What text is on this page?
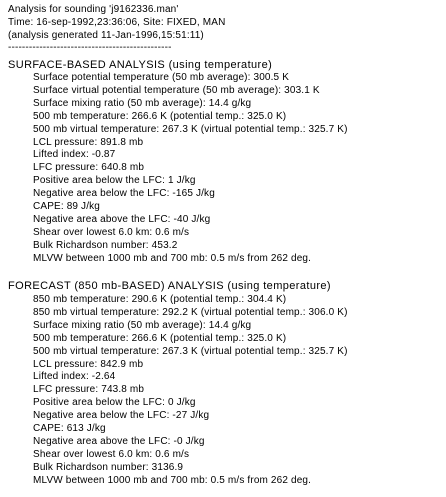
Analysis for sounding 'j9162336.man'
Time: 16-sep-1992,23:36:06, Site: FIXED, MAN
(analysis generated 11-Jan-1996,15:51:11)
-----------------------------------------------
SURFACE-BASED ANALYSIS (using temperature)
Surface potential temperature (50 mb average): 300.5 K
Surface virtual potential temperature (50 mb average): 303.1 K
Surface mixing ratio (50 mb average): 14.4 g/kg
500 mb temperature: 266.6 K (potential temp.: 325.0 K)
500 mb virtual temperature: 267.3 K (virtual potential temp.: 325.7 K)
LCL pressure: 891.8 mb
Lifted index: -0.87
LFC pressure: 640.8 mb
Positive area below the LFC: 1 J/kg
Negative area below the LFC: -165 J/kg
CAPE: 89 J/kg
Negative area above the LFC: -40 J/kg
Shear over lowest 6.0 km: 0.6 m/s
Bulk Richardson number: 453.2
MLVW between 1000 mb and 700 mb: 0.5 m/s from 262 deg.
FORECAST (850 mb-BASED) ANALYSIS (using temperature)
850 mb temperature: 290.6 K (potential temp.: 304.4 K)
850 mb virtual temperature: 292.2 K (virtual potential temp.: 306.0 K)
Surface mixing ratio (50 mb average): 14.4 g/kg
500 mb temperature: 266.6 K (potential temp.: 325.0 K)
500 mb virtual temperature: 267.3 K (virtual potential temp.: 325.7 K)
LCL pressure: 842.9 mb
Lifted index: -2.64
LFC pressure: 743.8 mb
Positive area below the LFC: 0 J/kg
Negative area below the LFC: -27 J/kg
CAPE: 613 J/kg
Negative area above the LFC: -0 J/kg
Shear over lowest 6.0 km: 0.6 m/s
Bulk Richardson number: 3136.9
MLVW between 1000 mb and 700 mb: 0.5 m/s from 262 deg.
